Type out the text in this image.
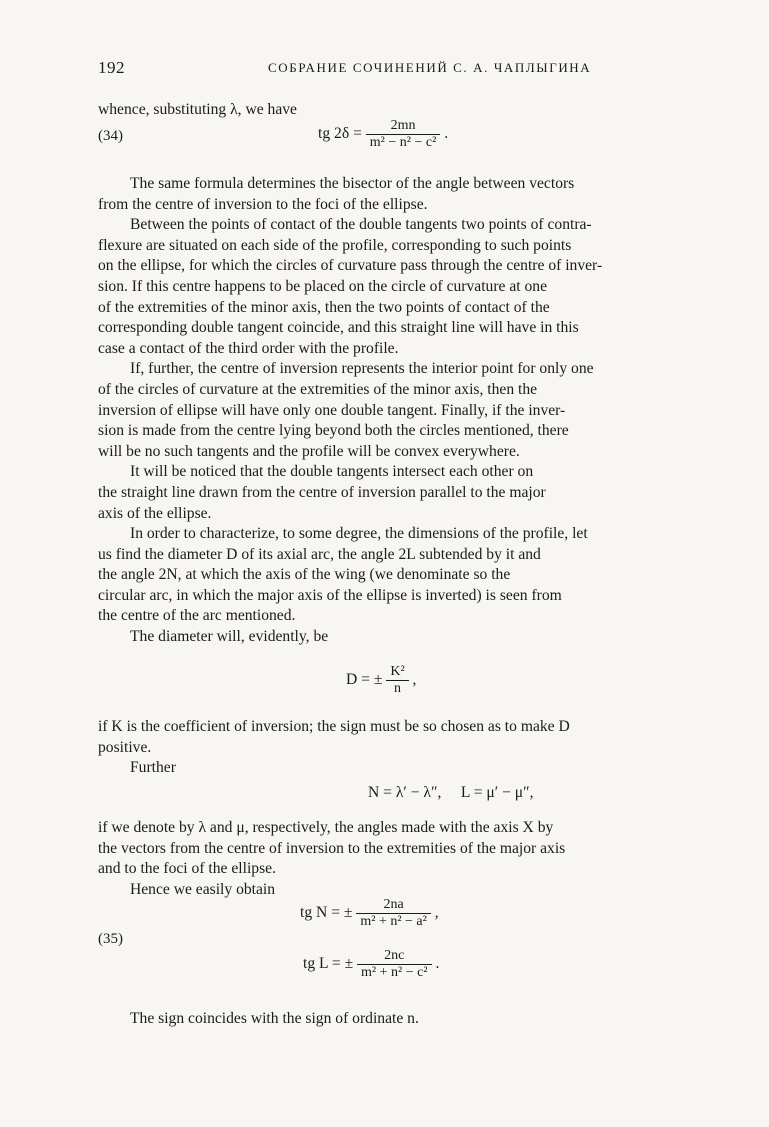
192	СОБРАНИЕ СОЧИНЕНИЙ С. А. ЧАПЛЫГИНА

whence, substituting λ, we have

(34)	tg $2\delta = \frac{2mn}{\text{m² − n² − c²}}$ .

The same formula determines the bisector of the angle between vectors
from the centre of inversion to the foci of the ellipse.

Between the points of contact of the double tangents two points of contra-
flexure are situated on each side of the profile, corresponding to such points
on the ellipse, for which the circles of curvature pass through the centre of inver-
sion. If this centre happens to be placed on the circle of curvature at one
of the extremities of the minor axis, then the two points of contact of the
corresponding double tangent coincide, and this straight line will have in this
case a contact of the third order with the profile.

If, further, the centre of inversion represents the interior point for only one
of the circles of curvature at the extremities of the minor axis, then the
inversion of ellipse will have only one double tangent. Finally, if the inver-
sion is made from the centre lying beyond both the circles mentioned, there
will be no such tangents and the profile will be convex everywhere.

It will be noticed that the double tangents intersect each other on
the straight line drawn from the centre of inversion parallel to the major
axis of the ellipse.

In order to characterize, to some degree, the dimensions of the profile, let
us find the diameter D of its axial arc, the angle 2L subtended by it and
the angle 2N, at which the axis of the wing (we denominate so the
circular arc, in which the major axis of the ellipse is inverted) is seen from
the centre of the arc mentioned.

The diameter will, evidently, be

D = ± $\frac{\text{K²}}{n}$ ,

if K is the coefficient of inversion; the sign must be so chosen as to make D
positive.

Further

N = λ′ − λ″,     L = μ′ − μ″,

if we denote by λ and μ, respectively, the angles made with the axis X by
the vectors from the centre of inversion to the extremities of the major axis
and to the foci of the ellipse.

Hence we easily obtain

(35)
tg N = ± $\frac{2na}{\text{m² + n² − a²}}$ ,
tg L = ± $\frac{2nc}{\text{m² + n² − c²}}$ .

The sign coincides with the sign of ordinate n.
